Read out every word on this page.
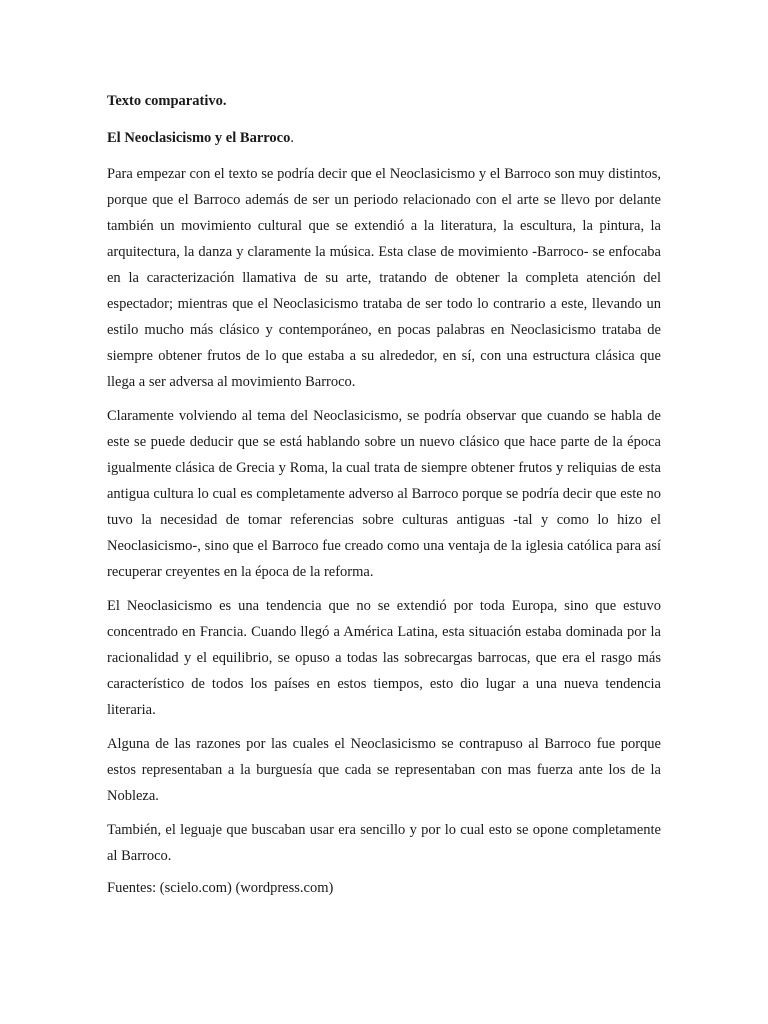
Texto comparativo.

El Neoclasicismo y el Barroco.

Para empezar con el texto se podría decir que el Neoclasicismo y el Barroco son muy distintos, porque que el Barroco además de ser un periodo relacionado con el arte se llevo por delante también un movimiento cultural que se extendió a la literatura, la escultura, la pintura, la arquitectura, la danza y claramente la música. Esta clase de movimiento -Barroco- se enfocaba en la caracterización llamativa de su arte, tratando de obtener la completa atención del espectador; mientras que el Neoclasicismo trataba de ser todo lo contrario a este, llevando un estilo mucho más clásico y contemporáneo, en pocas palabras en Neoclasicismo trataba de siempre obtener frutos de lo que estaba a su alrededor, en sí, con una estructura clásica que llega a ser adversa al movimiento Barroco.

Claramente volviendo al tema del Neoclasicismo, se podría observar que cuando se habla de este se puede deducir que se está hablando sobre un nuevo clásico que hace parte de la época igualmente clásica de Grecia y Roma, la cual trata de siempre obtener frutos y reliquias de esta antigua cultura lo cual es completamente adverso al Barroco porque se podría decir que este no tuvo la necesidad de tomar referencias sobre culturas antiguas -tal y como lo hizo el Neoclasicismo-, sino que el Barroco fue creado como una ventaja de la iglesia católica para así recuperar creyentes en la época de la reforma.

El Neoclasicismo es una tendencia que no se extendió por toda Europa, sino que estuvo concentrado en Francia. Cuando llegó a América Latina, esta situación estaba dominada por la racionalidad y el equilibrio, se opuso a todas las sobrecargas barrocas, que era el rasgo más característico de todos los países en estos tiempos, esto dio lugar a una nueva tendencia literaria.

Alguna de las razones por las cuales el Neoclasicismo se contrapuso al Barroco fue porque estos representaban a la burguesía que cada se representaban con mas fuerza ante los de la Nobleza.

También, el leguaje que buscaban usar era sencillo y por lo cual esto se opone completamente al Barroco.

Fuentes: (scielo.com) (wordpress.com)
